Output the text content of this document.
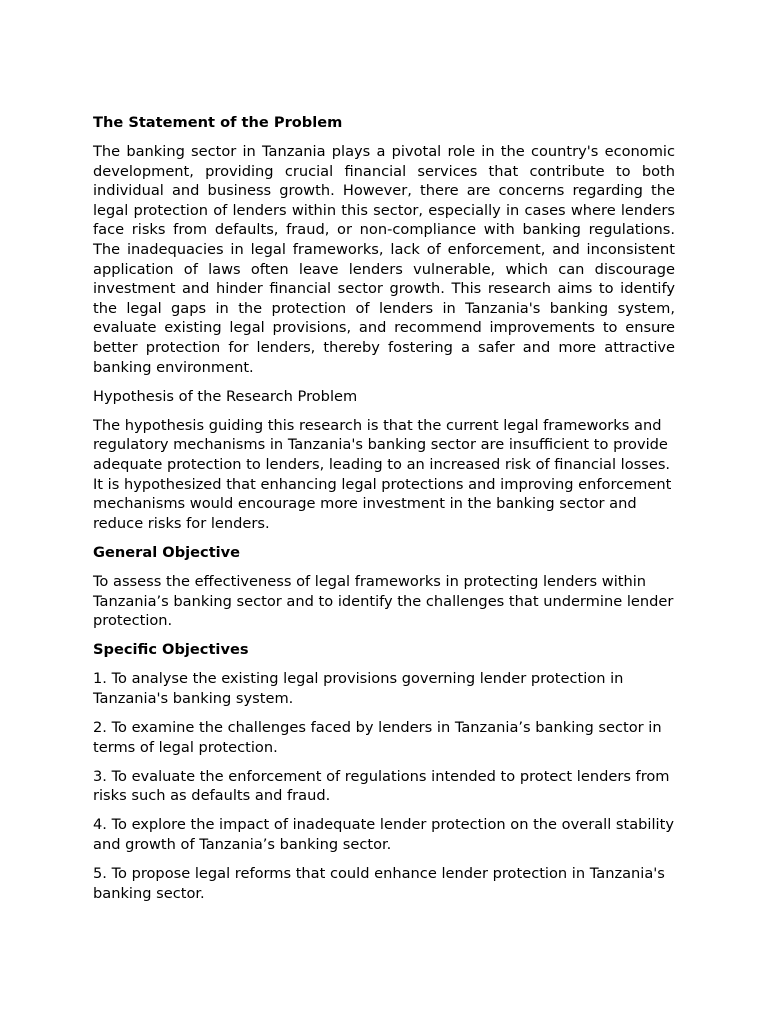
The Statement of the Problem

The banking sector in Tanzania plays a pivotal role in the country's economic development, providing crucial financial services that contribute to both individual and business growth. However, there are concerns regarding the legal protection of lenders within this sector, especially in cases where lenders face risks from defaults, fraud, or non-compliance with banking regulations. The inadequacies in legal frameworks, lack of enforcement, and inconsistent application of laws often leave lenders vulnerable, which can discourage investment and hinder financial sector growth. This research aims to identify the legal gaps in the protection of lenders in Tanzania's banking system, evaluate existing legal provisions, and recommend improvements to ensure better protection for lenders, thereby fostering a safer and more attractive banking environment.

Hypothesis of the Research Problem

The hypothesis guiding this research is that the current legal frameworks and regulatory mechanisms in Tanzania's banking sector are insufficient to provide adequate protection to lenders, leading to an increased risk of financial losses. It is hypothesized that enhancing legal protections and improving enforcement mechanisms would encourage more investment in the banking sector and reduce risks for lenders.

General Objective

To assess the effectiveness of legal frameworks in protecting lenders within Tanzania’s banking sector and to identify the challenges that undermine lender protection.

Specific Objectives

1. To analyse the existing legal provisions governing lender protection in Tanzania's banking system.

2. To examine the challenges faced by lenders in Tanzania’s banking sector in terms of legal protection.

3. To evaluate the enforcement of regulations intended to protect lenders from risks such as defaults and fraud.

4. To explore the impact of inadequate lender protection on the overall stability and growth of Tanzania’s banking sector.

5. To propose legal reforms that could enhance lender protection in Tanzania's banking sector.
